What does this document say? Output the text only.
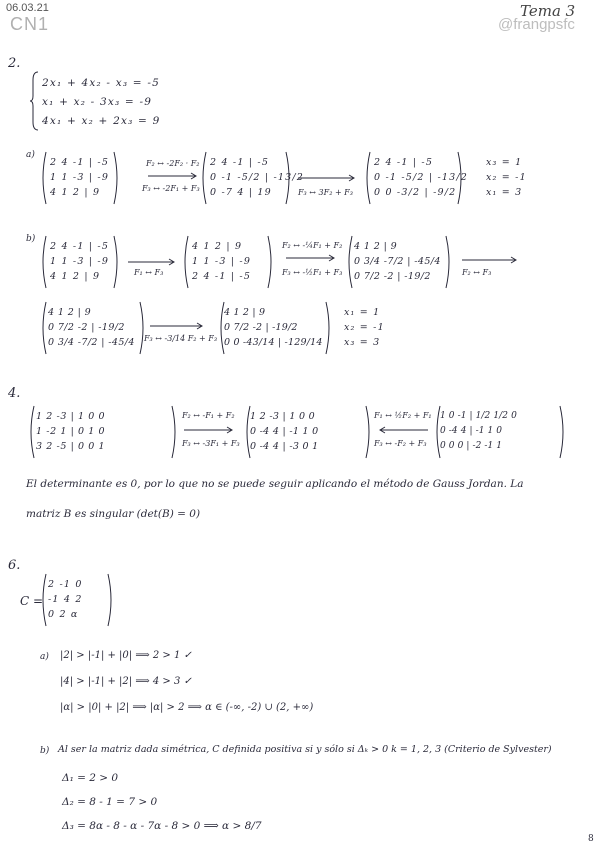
06.03.21
CN1
Tema 3
@frangpsfc
2.
2x₁ + 4x₂ - x₃ = -5
x₁ + x₂ - 3x₃ = -9
4x₁ + x₂ + 2x₃ = 9
a)
2 4 -1 | -5
1 1 -3 | -9
4 1 2 | 9
F₂ ↔ -2F₂ · F₂
F₃ ↔ -2F₁ + F₃
2 4 -1 | -5
0 -1 -5/2 | -13/2
0 -7 4 | 19	F₃ ↔ 3F₂ + F₃
2 4 -1 | -5
0 -1 -5/2 | -13/2
0 0 -3/2 | -9/2
x₃ = 1
x₂ = -1
x₁ = 3
b)
2 4 -1 | -5
1 1 -3 | -9
4 1 2 | 9	F₁ ↔ F₃
4 1 2 | 9
1 1 -3 | -9
2 4 -1 | -5
F₂ ↔ -¼F₁ + F₂
F₃ ↔ -½F₁ + F₃
4 1 2 | 9
0 3/4 -7/2 | -45/4
0 7/2 -2 | -19/2	F₂ ↔ F₃
4 1 2 | 9
0 7/2 -2 | -19/2
0 3/4 -7/2 | -45/4 F₃ ↔ -3/14 F₂ + F₃
4 1 2 | 9
0 7/2 -2 | -19/2
0 0 -43/14 | -129/14
x₁ = 1
x₂ = -1
x₃ = 3
4.
1 2 -3 | 1 0 0
1 -2 1 | 0 1 0
3 2 -5 | 0 0 1
F₂ ↔ -F₁ + F₂
F₃ ↔ -3F₁ + F₃
1 2 -3 | 1 0 0
0 -4 4 | -1 1 0
0 -4 4 | -3 0 1
F₁ ↔ ½F₂ + F₁
F₃ ↔ -F₂ + F₃
1 0 -1 | 1/2 1/2 0
0 -4 4 | -1 1 0
0 0 0 | -2 -1 1
El determinante es 0, por lo que no se puede seguir aplicando el método de Gauss Jordan. La
matriz B es singular (det(B) = 0)
6.
C =
2 -1 0
-1 4 2
0 2 α
a) |2| > |-1| + |0| ⟹ 2 > 1 ✓
|4| > |-1| + |2| ⟹ 4 > 3 ✓
|α| > |0| + |2| ⟹ |α| > 2 ⟹ α ∈ (-∞, -2) ∪ (2, +∞)
b) Al ser la matriz dada simétrica, C definida positiva si y sólo si Δₖ > 0 k = 1, 2, 3 (Criterio de Sylvester)
Δ₁ = 2 > 0
Δ₂ = 8 - 1 = 7 > 0
Δ₃ = 8α - 8 - α - 7α - 8 > 0 ⟹ α > 8/7
8
